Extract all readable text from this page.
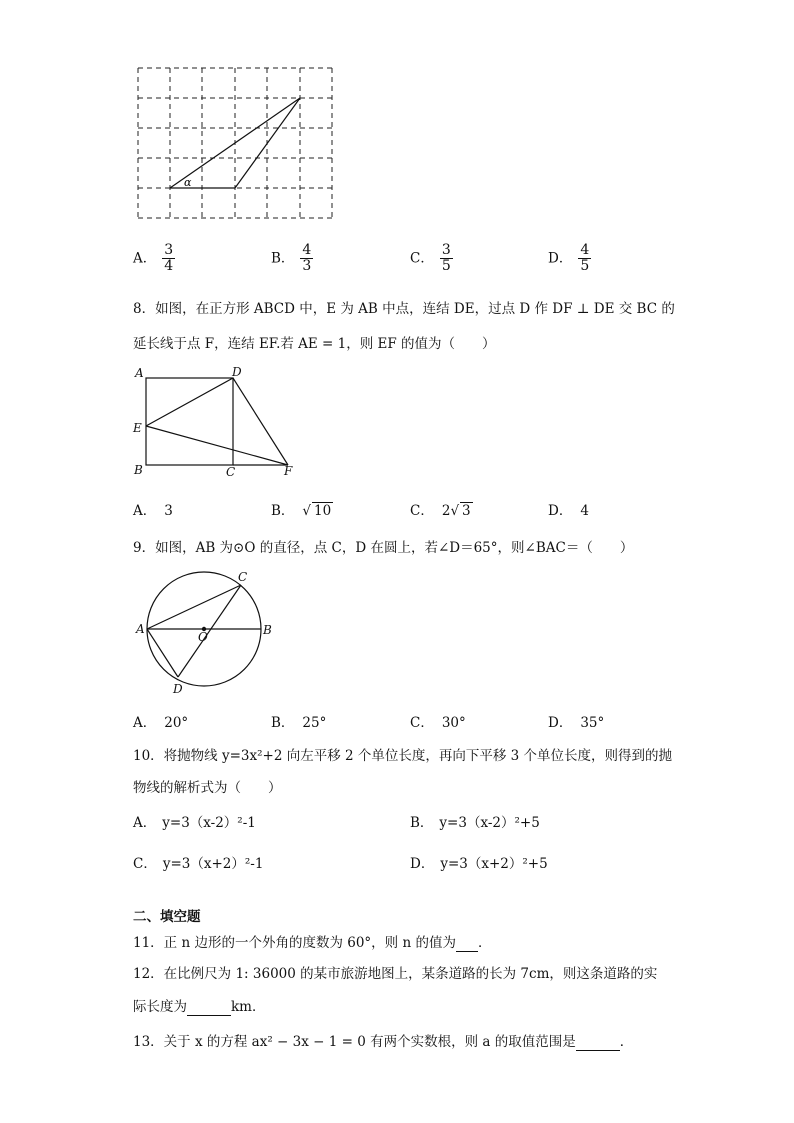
α
A． $\frac{3}{4}$	B． $\frac{4}{3}$	C． $\frac{3}{5}$	D． $\frac{4}{5}$
8．如图，在正方形 ABCD 中，E 为 AB 中点，连结 DE，过点 D 作 DF ⊥ DE 交 BC 的
延长线于点 F，连结 EF.若 AE = 1，则 EF 的值为（　　）
A	D
E
B	C	F
A． 3	B． √ 10	C． 2√ 3	D． 4
9．如图，AB 为⊙O 的直径，点 C，D 在圆上，若∠D＝65°，则∠BAC＝（　　）
A	B
C
D
O
A． 20°	B． 25°	C． 30°	D． 35°
10．将抛物线 y=3x²+2 向左平移 2 个单位长度，再向下平移 3 个单位长度，则得到的抛
物线的解析式为（　　）
A． y=3（x-2）²-1	B． y=3（x-2）²+5
C． y=3（x+2）²-1	D． y=3（x+2）²+5
二、填空题
11．正 n 边形的一个外角的度数为 60°，则 n 的值为 ．
12．在比例尺为 1: 36000 的某市旅游地图上，某条道路的长为 7cm，则这条道路的实
际长度为	km．
13．关于 x 的方程 ax² − 3x − 1 = 0 有两个实数根，则 a 的取值范围是	．
